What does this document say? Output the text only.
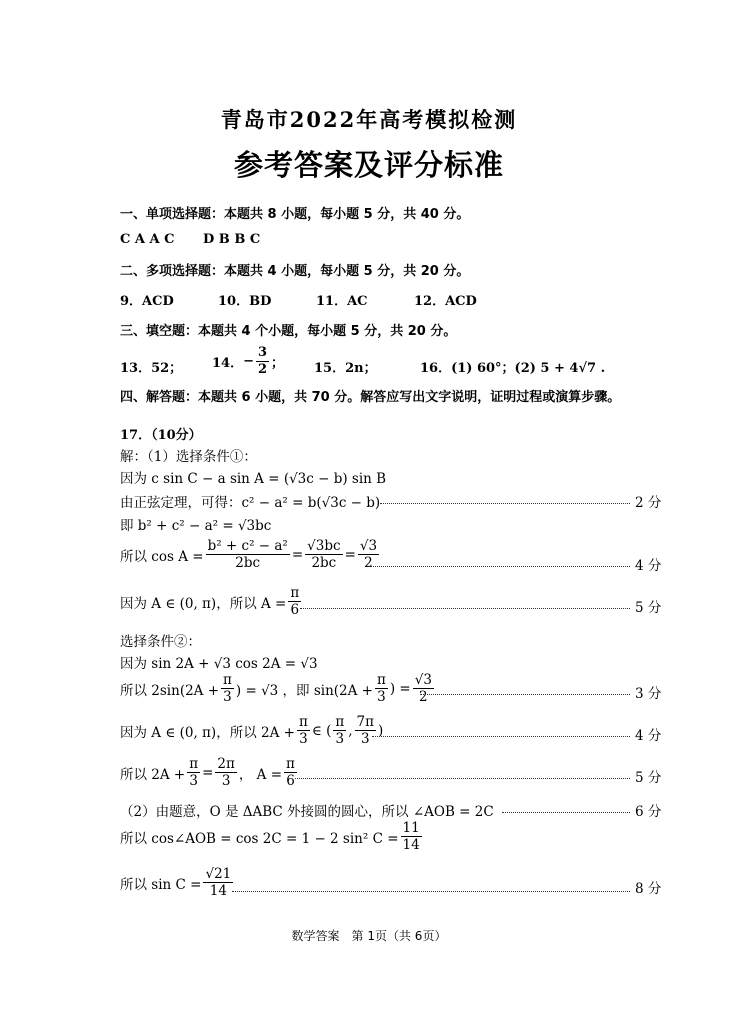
青岛市2022年高考模拟检测
参考答案及评分标准
一、单项选择题：本题共 8 小题，每小题 5 分，共 40 分。
C A A C D B B C
二、多项选择题：本题共 4 小题，每小题 5 分，共 20 分。
9．ACD	10．BD	11．AC	12．ACD
三、填空题：本题共 4 个小题，每小题 5 分，共 20 分。
13．52； 14． − $\frac{3}{2}$ ； 15．2n；	16．(1) 60°；(2) 5 + 4√7 .
四、解答题：本题共 6 小题，共 70 分。解答应写出文字说明，证明过程或演算步骤。
17．（10分）
解：（1）选择条件①：
因为 c sin C − a sin A = (√3c − b) sin B
由正弦定理，可得：c² − a² = b(√3c − b)	2 分
即 b² + c² − a² = √3bc
所以 $\cos A = \frac{\text{b² + c² − a²}}{2bc} = \frac{√3bc}{2bc} = \frac{√3}{2}$	4 分
因为 A ∈ (0, π)，所以 $A = \frac{\pi}{6}$	5 分
选择条件②：
因为 sin 2A + √3 cos 2A = √3
所以 $2\sin(2A + \frac{\pi}{3}$ ) = √3 ，即 $\sin(2A + \frac{\pi}{3}$ ) = $\frac{√3}{2}$	3 分
因为 A ∈ (0, π)，所以 $2A + \frac{\pi}{3}$ ∈ ( $\frac{\pi}{3}$ , $\frac{7\pi}{3}$ )	4 分
所以 $2A + \frac{\pi}{3} = \frac{2\pi}{3}$ ， $A = \frac{\pi}{6}$	5 分
（2）由题意，O 是 ΔABC 外接圆的圆心，所以 ∠AOB = 2C	6 分
所以 cos∠AOB = cos 2C = 1 − 2 sin² $C = \frac{11}{14}$
所以 $\sin C = \frac{√21}{14}$	8 分
数学答案　第 1页（共 6页）
